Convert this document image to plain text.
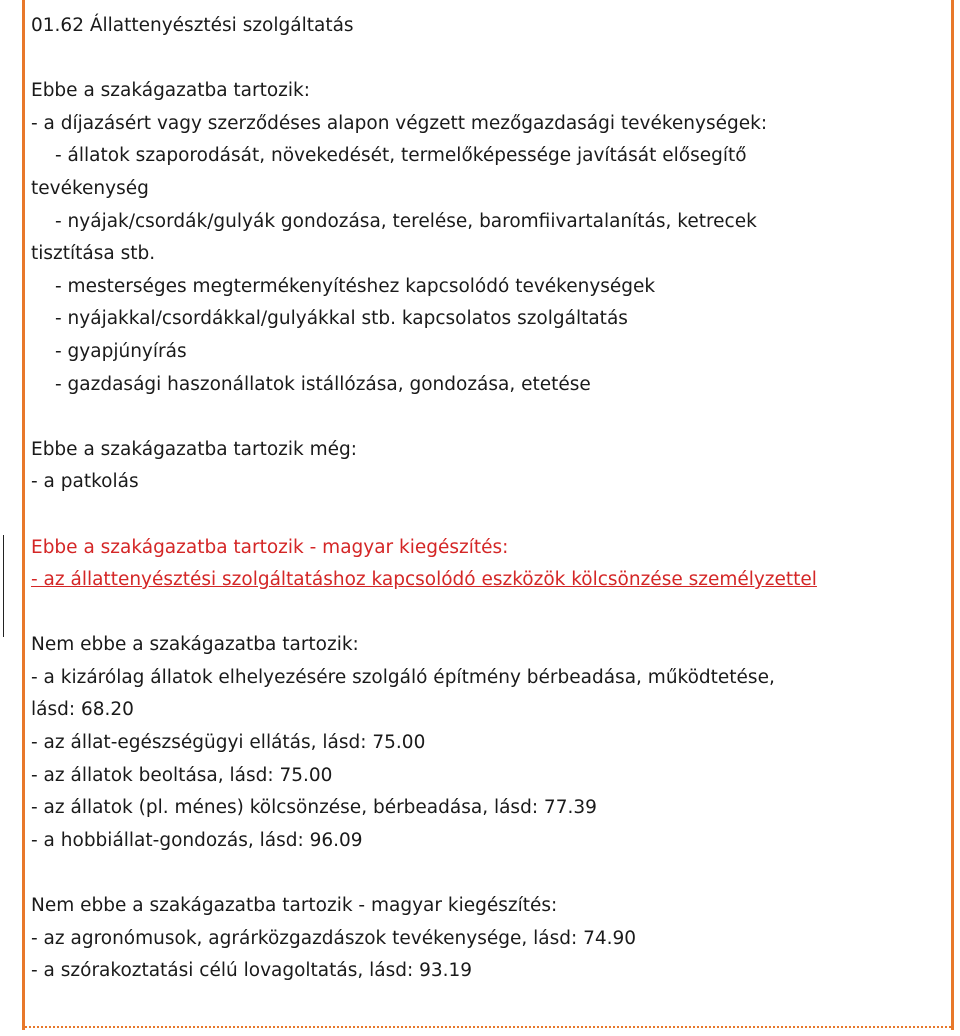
01.62 Állattenyésztési szolgáltatás
Ebbe a szakágazatba tartozik:
- a díjazásért vagy szerződéses alapon végzett mezőgazdasági tevékenységek:
- állatok szaporodását, növekedését, termelőképessége javítását elősegítő
tevékenység
- nyájak/csordák/gulyák gondozása, terelése, baromfiivartalanítás, ketrecek
tisztítása stb.
- mesterséges megtermékenyítéshez kapcsolódó tevékenységek
- nyájakkal/csordákkal/gulyákkal stb. kapcsolatos szolgáltatás
- gyapjúnyírás
- gazdasági haszonállatok istállózása, gondozása, etetése
Ebbe a szakágazatba tartozik még:
- a patkolás
Ebbe a szakágazatba tartozik - magyar kiegészítés:
- az állattenyésztési szolgáltatáshoz kapcsolódó eszközök kölcsönzése személyzettel
Nem ebbe a szakágazatba tartozik:
- a kizárólag állatok elhelyezésére szolgáló építmény bérbeadása, működtetése,
lásd: 68.20
- az állat-egészségügyi ellátás, lásd: 75.00
- az állatok beoltása, lásd: 75.00
- az állatok (pl. ménes) kölcsönzése, bérbeadása, lásd: 77.39
- a hobbiállat-gondozás, lásd: 96.09
Nem ebbe a szakágazatba tartozik - magyar kiegészítés:
- az agronómusok, agrárközgazdászok tevékenysége, lásd: 74.90
- a szórakoztatási célú lovagoltatás, lásd: 93.19
